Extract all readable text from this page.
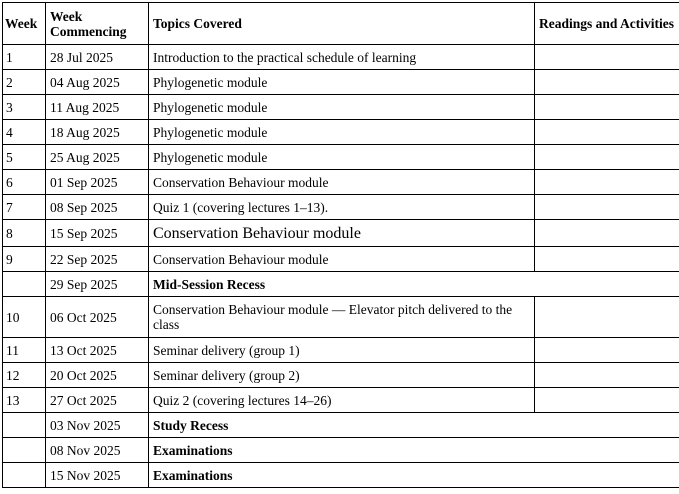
Week	Week Commencing	Topics Covered	Readings and Activities
1	28 Jul 2025	Introduction to the practical schedule of learning	
2	04 Aug 2025	Phylogenetic module	
3	11 Aug 2025	Phylogenetic module	
4	18 Aug 2025	Phylogenetic module	
5	25 Aug 2025	Phylogenetic module	
6	01 Sep 2025	Conservation Behaviour module	
7	08 Sep 2025	Quiz 1 (covering lectures 1–13).	
8	15 Sep 2025	Conservation Behaviour module	
9	22 Sep 2025	Conservation Behaviour module	
	29 Sep 2025	Mid-Session Recess	
10	06 Oct 2025	Conservation Behaviour module — Elevator pitch delivered to the class	
11	13 Oct 2025	Seminar delivery (group 1)	
12	20 Oct 2025	Seminar delivery (group 2)	
13	27 Oct 2025	Quiz 2 (covering lectures 14–26)	
	03 Nov 2025	Study Recess	
	08 Nov 2025	Examinations	
	15 Nov 2025	Examinations	
